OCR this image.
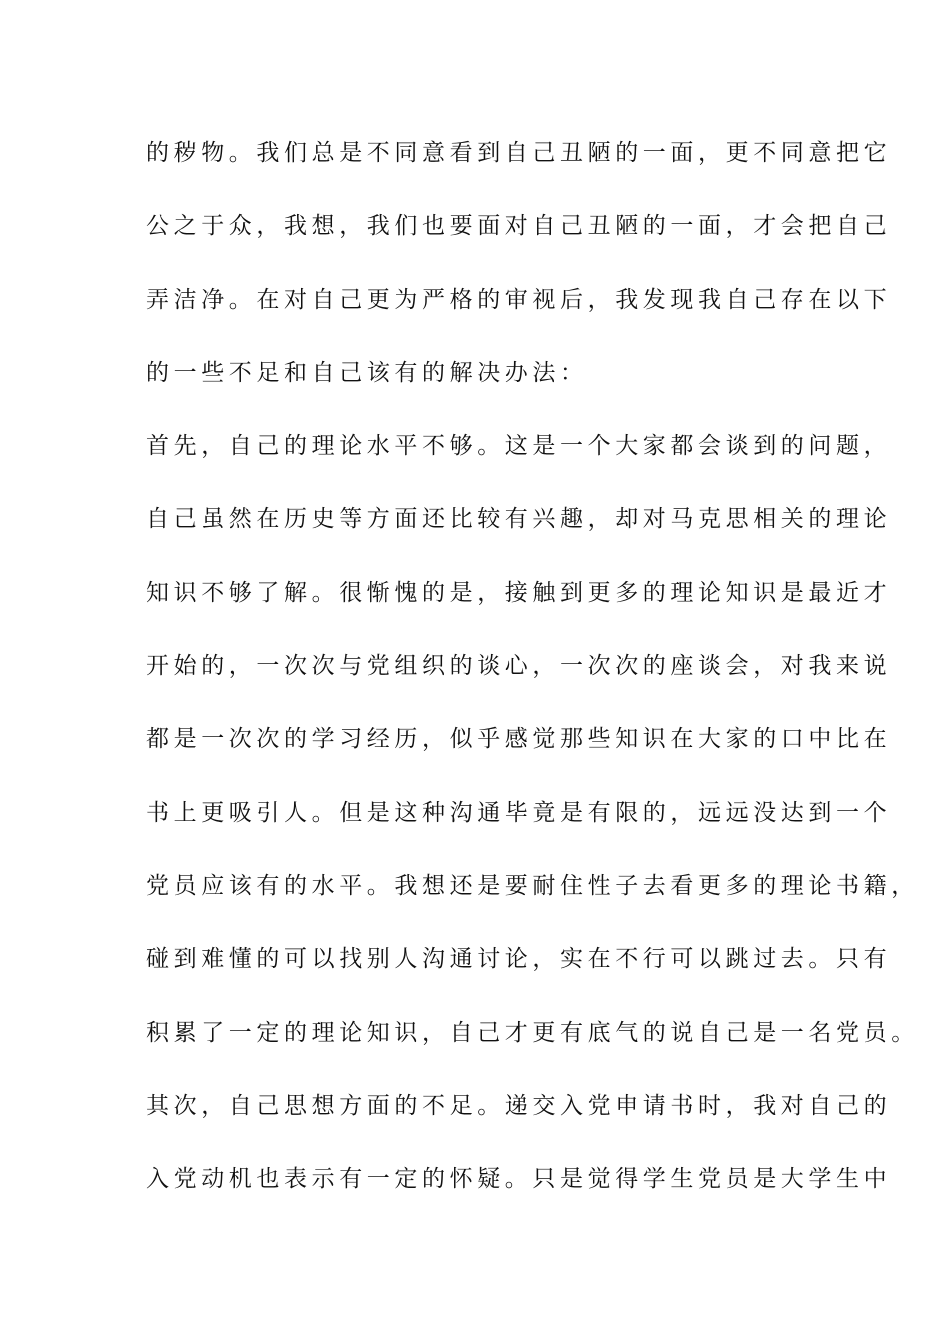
的秽物。我们总是不同意看到自己丑陋的一面，更不同意把它
公之于众，我想，我们也要面对自己丑陋的一面，才会把自己
弄洁净。在对自己更为严格的审视后，我发现我自己存在以下
的一些不足和自己该有的解决办法：
首先，自己的理论水平不够。这是一个大家都会谈到的问题，
自己虽然在历史等方面还比较有兴趣，却对马克思相关的理论
知识不够了解。很惭愧的是，接触到更多的理论知识是最近才
开始的，一次次与党组织的谈心，一次次的座谈会，对我来说
都是一次次的学习经历，似乎感觉那些知识在大家的口中比在
书上更吸引人。但是这种沟通毕竟是有限的，远远没达到一个
党员应该有的水平。我想还是要耐住性子去看更多的理论书籍，
碰到难懂的可以找别人沟通讨论，实在不行可以跳过去。只有
积累了一定的理论知识，自己才更有底气的说自己是一名党员。
其次，自己思想方面的不足。递交入党申请书时，我对自己的
入党动机也表示有一定的怀疑。只是觉得学生党员是大学生中
